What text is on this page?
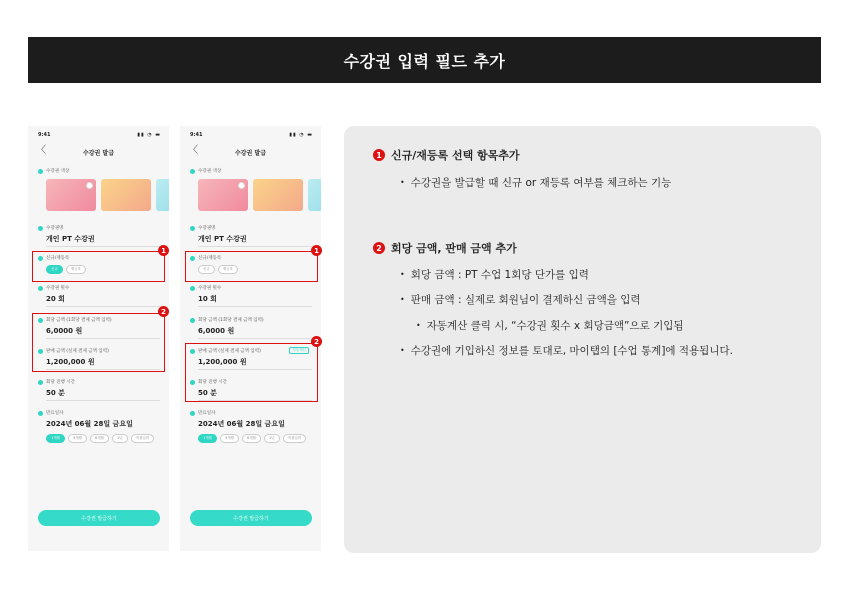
수강권 입력 필드 추가
9:41	▮▮ ◔ ▬
〈	수강권 발급
수강권 색상
수강권명
개인 PT 수강권
신규/재등록
신규	재등록
수강권 횟수
20 회
회당 금액 (1회당 결제 금액 입력)
6,0000 원
판매 금액 (실제 결제 금액 입력)
1,200,000 원
회당 진행 시간
50 분
만료일자
2024년 06월 28일 금요일
1개월	3개월	6개월	1년	직접입력
수강권 발급하기
1
2
9:41	▮▮ ◔ ▬
〈	수강권 발급
수강권 색상
수강권명
개인 PT 수강권
신규/재등록
신규	재등록
수강권 횟수
10 회
회당 금액 (1회당 결제 금액 입력)
6,0000 원
판매 금액 (실제 결제 금액 입력)	자동계산
1,200,000 원
회당 진행 시간
50 분
만료일자
2024년 06월 28일 금요일
1개월	3개월	6개월	1년	직접입력
수강권 발급하기
1
2
1 신규/재등록 선택 항목추가
• 수강권을 발급할 때 신규 or 재등록 여부를 체크하는 기능
2 회당 금액, 판매 금액 추가
• 회당 금액 : PT 수업 1회당 단가를 입력
• 판매 금액 : 실제로 회원님이 결제하신 금액을 입력
• 자동계산 클릭 시, “수강권 횟수 x 회당금액”으로 기입됨
• 수강권에 기입하신 정보를 토대로, 마이탭의 [수업 통계]에 적용됩니다.
